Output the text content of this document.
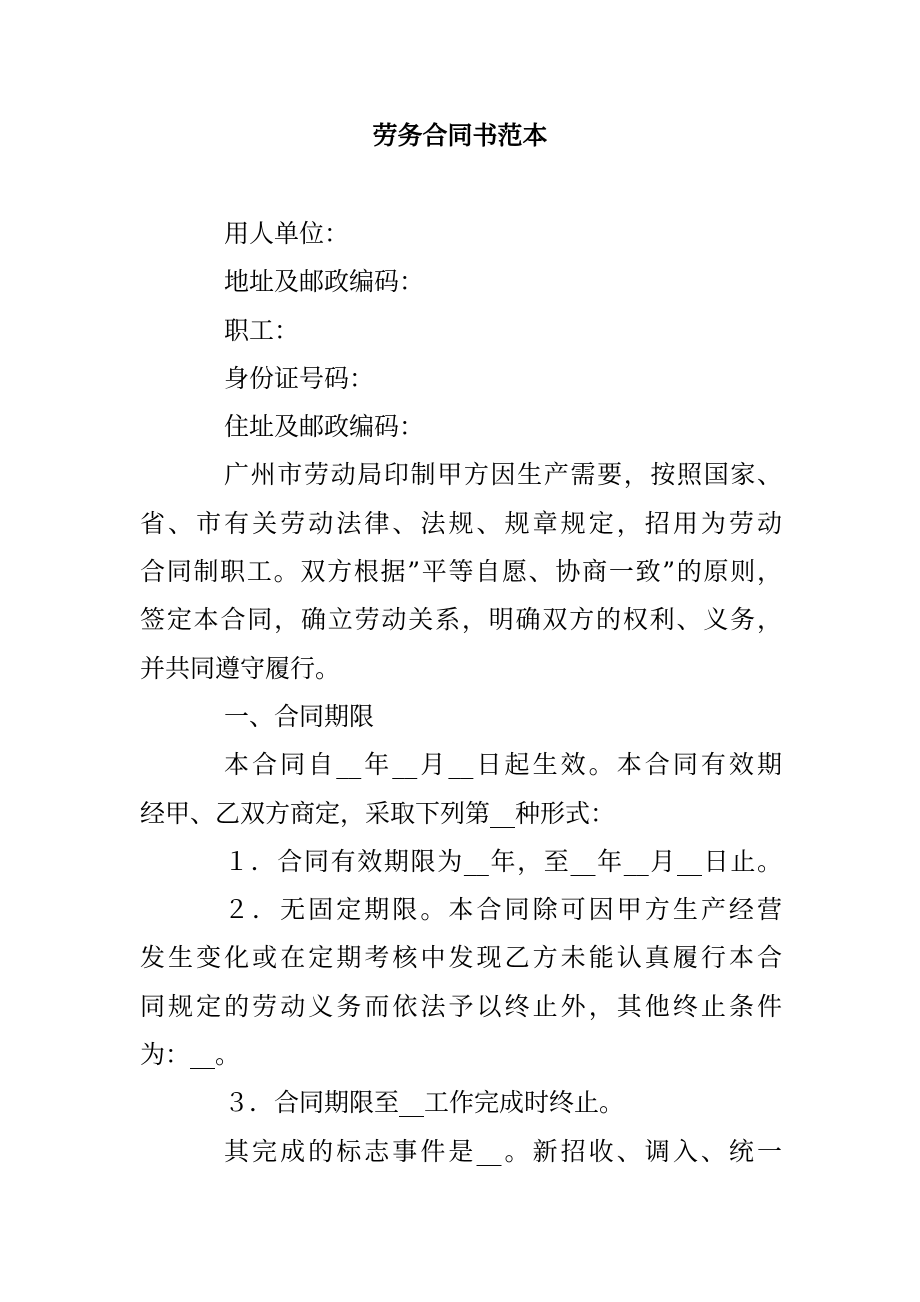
劳务合同书范本
用人单位：
地址及邮政编码：
职工：
身份证号码：
住址及邮政编码：
广州市劳动局印制甲方因生产需要，按照国家、
省、市有关劳动法律、法规、规章规定，招用为劳动
合同制职工。双方根据”平等自愿、协商一致”的原则，
签定本合同，确立劳动关系，明确双方的权利、义务，
并共同遵守履行。
一、合同期限
本合同自__年__月__日起生效。本合同有效期
经甲、乙双方商定，采取下列第__种形式：
１．合同有效期限为__年，至__年__月__日止。
２．无固定期限。本合同除可因甲方生产经营
发生变化或在定期考核中发现乙方未能认真履行本合
同规定的劳动义务而依法予以终止外，其他终止条件
为：__。
３．合同期限至__工作完成时终止。
其完成的标志事件是__。新招收、调入、统一
